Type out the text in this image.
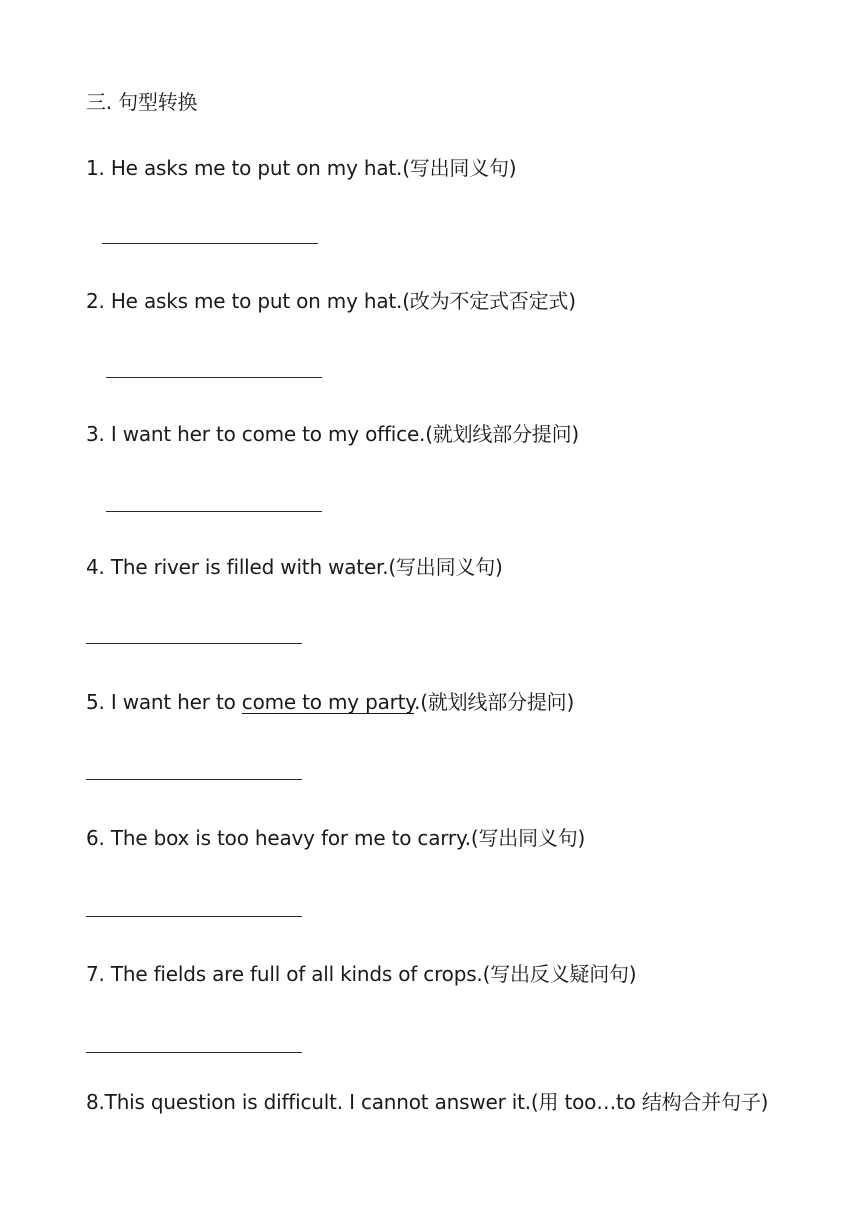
三. 句型转换
1. He asks me to put on my hat.(写出同义句)
2. He asks me to put on my hat.(改为不定式否定式)
3. I want her to come to my office.(就划线部分提问)
4. The river is filled with water.(写出同义句)
5. I want her to come to my party.(就划线部分提问)
6. The box is too heavy for me to carry.(写出同义句)
7. The fields are full of all kinds of crops.(写出反义疑问句)
8.This question is difficult. I cannot answer it.(用 too…to 结构合并句子)
